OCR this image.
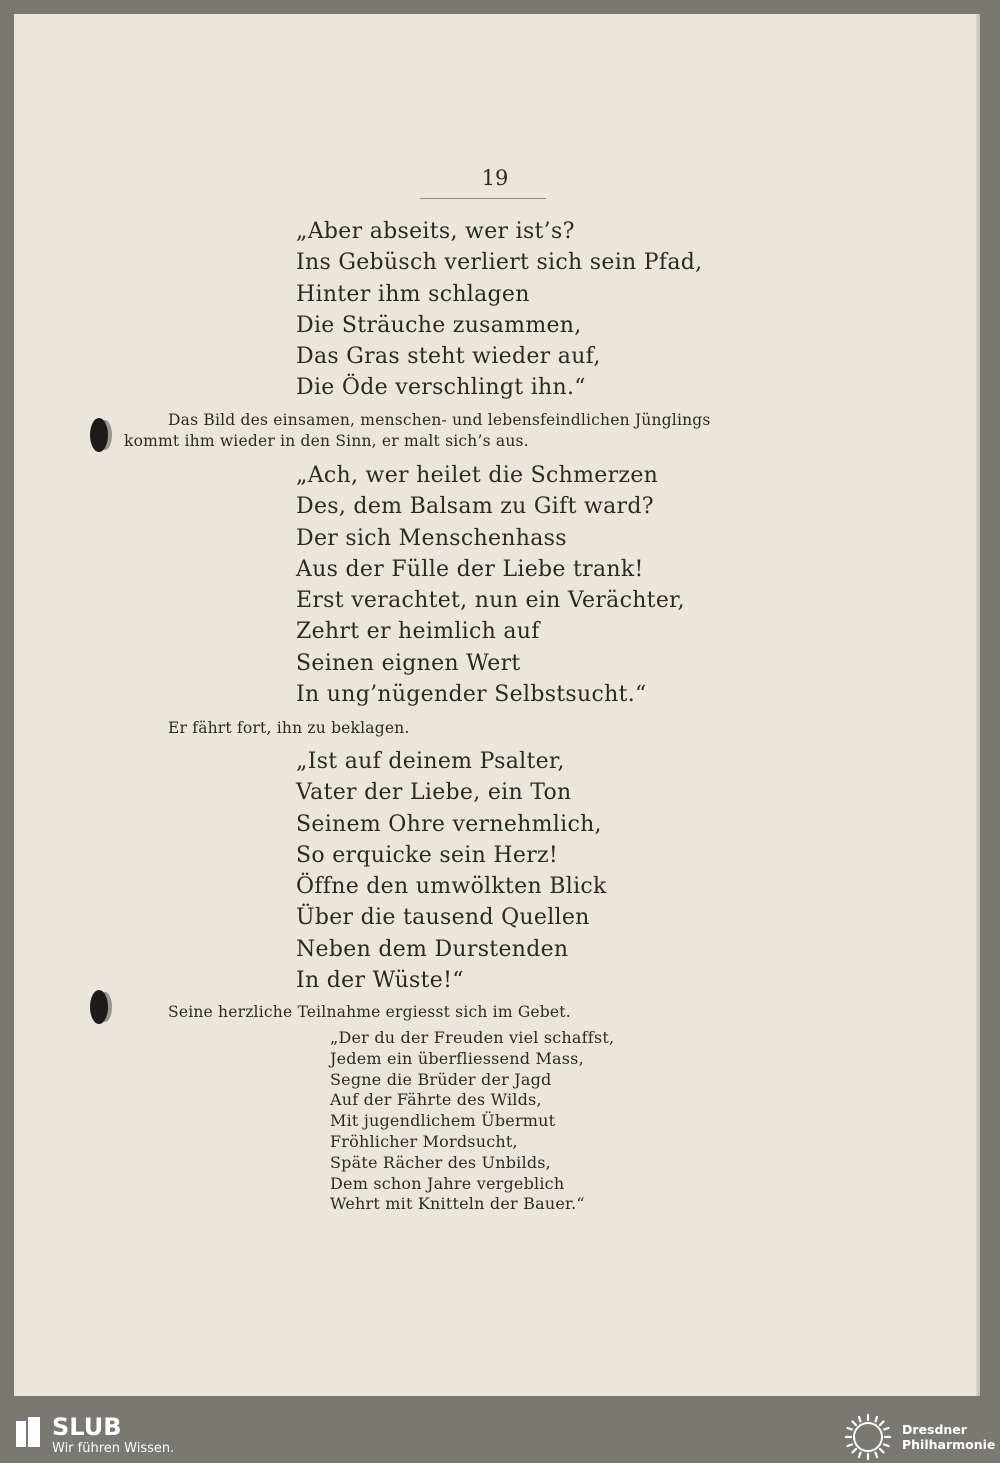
19
„Aber abseits, wer ist’s?
Ins Gebüsch verliert sich sein Pfad,
Hinter ihm schlagen
Die Sträuche zusammen,
Das Gras steht wieder auf,
Die Öde verschlingt ihn.“
Das Bild des einsamen, menschen- und lebensfeindlichen Jünglings
kommt ihm wieder in den Sinn, er malt sich’s aus.
„Ach, wer heilet die Schmerzen
Des, dem Balsam zu Gift ward?
Der sich Menschenhass
Aus der Fülle der Liebe trank!
Erst verachtet, nun ein Verächter,
Zehrt er heimlich auf
Seinen eignen Wert
In ung’nügender Selbstsucht.“
Er fährt fort, ihn zu beklagen.
„Ist auf deinem Psalter,
Vater der Liebe, ein Ton
Seinem Ohre vernehmlich,
So erquicke sein Herz!
Öffne den umwölkten Blick
Über die tausend Quellen
Neben dem Durstenden
In der Wüste!“
Seine herzliche Teilnahme ergiesst sich im Gebet.
„Der du der Freuden viel schaffst,
Jedem ein überfliessend Mass,
Segne die Brüder der Jagd
Auf der Fährte des Wilds,
Mit jugendlichem Übermut
Fröhlicher Mordsucht,
Späte Rächer des Unbilds,
Dem schon Jahre vergeblich
Wehrt mit Knitteln der Bauer.“
SLUB
Wir führen Wissen.
Dresdner
Philharmonie
